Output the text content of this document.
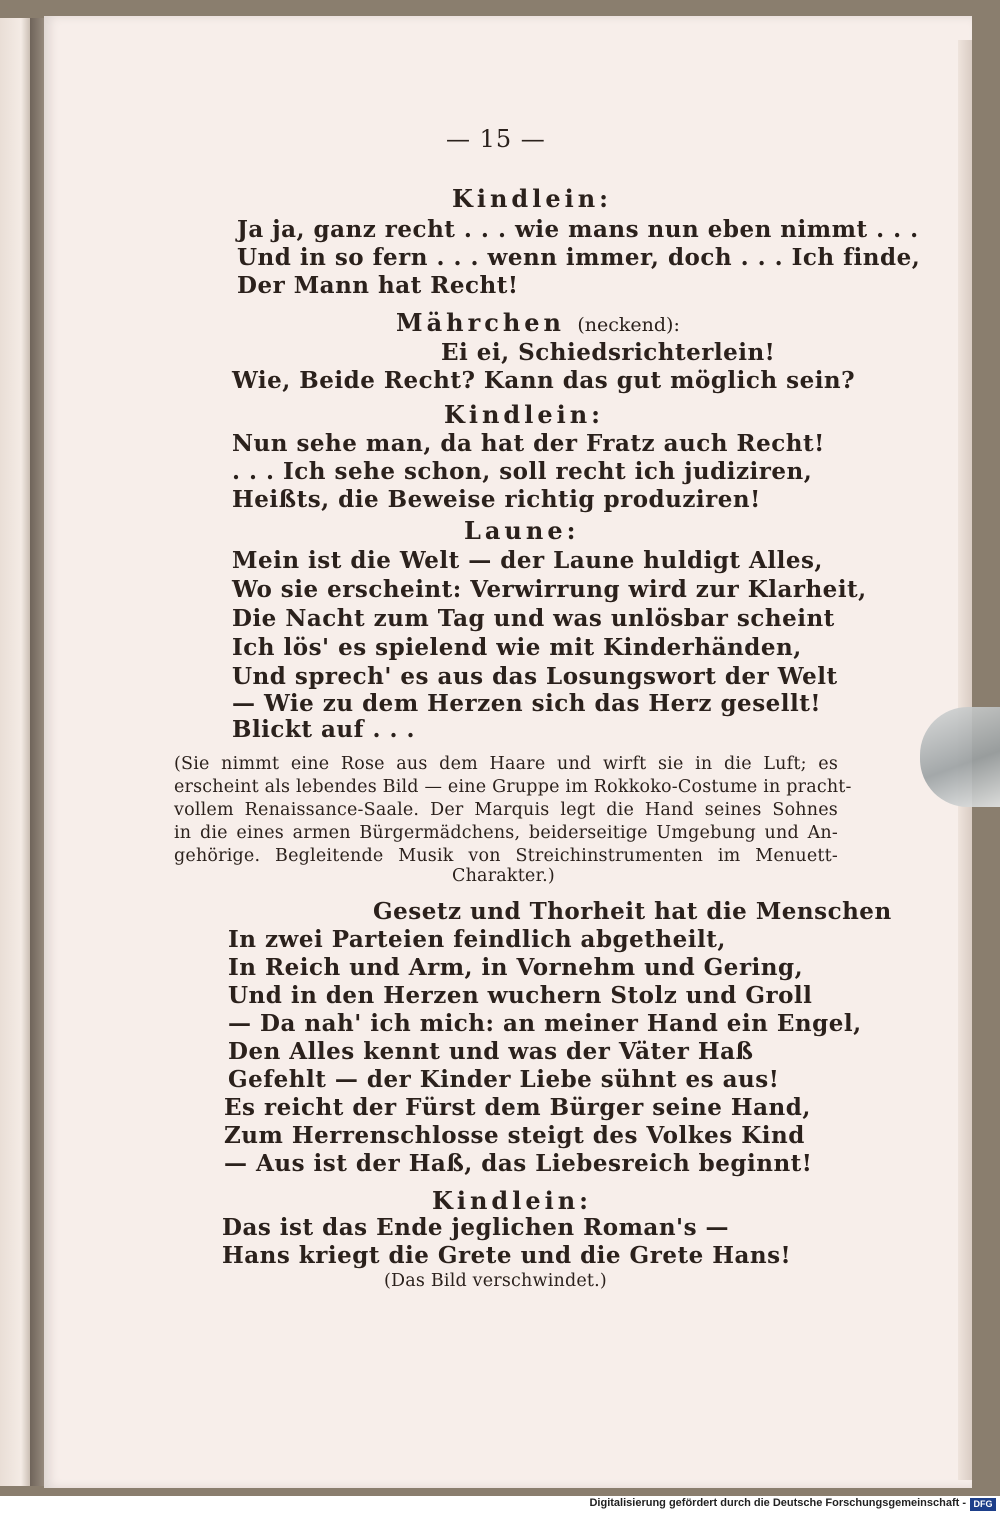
— 15 —
Kindlein:
Ja ja, ganz recht . . . wie mans nun eben nimmt . . .
Und in so fern . . . wenn immer, doch . . . Ich finde,
Der Mann hat Recht!
Mährchen (neckend):
Ei ei, Schiedsrichterlein!
Wie, Beide Recht? Kann das gut möglich sein?
Kindlein:
Nun sehe man, da hat der Fratz auch Recht!
. . . Ich sehe schon, soll recht ich judiziren,
Heißts, die Beweise richtig produziren!
Laune:
Mein ist die Welt — der Laune huldigt Alles,
Wo sie erscheint: Verwirrung wird zur Klarheit,
Die Nacht zum Tag und was unlösbar scheint
Ich lös' es spielend wie mit Kinderhänden,
Und sprech' es aus das Losungswort der Welt
— Wie zu dem Herzen sich das Herz gesellt!
Blickt auf . . .
(Sie nimmt eine Rose aus dem Haare und wirft sie in die Luft; es
erscheint als lebendes Bild — eine Gruppe im Rokkoko-Costume in pracht-
vollem Renaissance-Saale. Der Marquis legt die Hand seines Sohnes
in die eines armen Bürgermädchens, beiderseitige Umgebung und An-
gehörige. Begleitende Musik von Streichinstrumenten im Menuett-
Charakter.)
Gesetz und Thorheit hat die Menschen
In zwei Parteien feindlich abgetheilt,
In Reich und Arm, in Vornehm und Gering,
Und in den Herzen wuchern Stolz und Groll
— Da nah' ich mich: an meiner Hand ein Engel,
Den Alles kennt und was der Väter Haß
Gefehlt — der Kinder Liebe sühnt es aus!
Es reicht der Fürst dem Bürger seine Hand,
Zum Herrenschlosse steigt des Volkes Kind
— Aus ist der Haß, das Liebesreich beginnt!
Kindlein:
Das ist das Ende jeglichen Roman's —
Hans kriegt die Grete und die Grete Hans!
(Das Bild verschwindet.)
Digitalisierung gefördert durch die Deutsche Forschungsgemeinschaft - DFG
